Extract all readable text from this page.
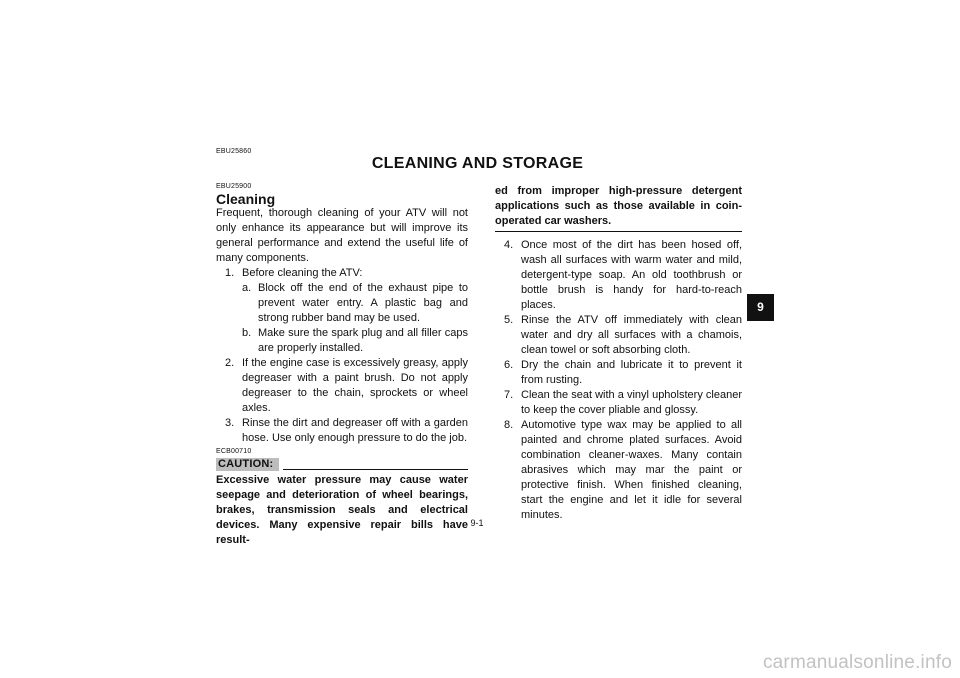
EBU25860
CLEANING AND STORAGE
EBU25900
Cleaning

Frequent, thorough cleaning of your ATV will not only enhance its appearance but will improve its general performance and extend the useful life of many components.

1. Before cleaning the ATV:

a. Block off the end of the exhaust pipe to prevent water entry. A plastic bag and strong rubber band may be used.

b. Make sure the spark plug and all filler caps are properly installed.

2. If the engine case is excessively greasy, apply degreaser with a paint brush. Do not apply degreaser to the chain, sprockets or wheel axles.

3. Rinse the dirt and degreaser off with a garden hose. Use only enough pressure to do the job.

ECB00710
CAUTION:

Excessive water pressure may cause water seepage and deterioration of wheel bearings, brakes, transmission seals and electrical devices. Many expensive repair bills have result-

ed from improper high-pressure detergent applications such as those available in coin-operated car washers.

4. Once most of the dirt has been hosed off, wash all surfaces with warm water and mild, detergent-type soap. An old toothbrush or bottle brush is handy for hard-to-reach places.

5. Rinse the ATV off immediately with clean water and dry all surfaces with a chamois, clean towel or soft absorbing cloth.

6. Dry the chain and lubricate it to prevent it from rusting.

7. Clean the seat with a vinyl upholstery cleaner to keep the cover pliable and glossy.

8. Automotive type wax may be applied to all painted and chrome plated surfaces. Avoid combination cleaner-waxes. Many contain abrasives which may mar the paint or protective finish. When finished cleaning, start the engine and let it idle for several minutes.

9-1
9
carmanualsonline.info
